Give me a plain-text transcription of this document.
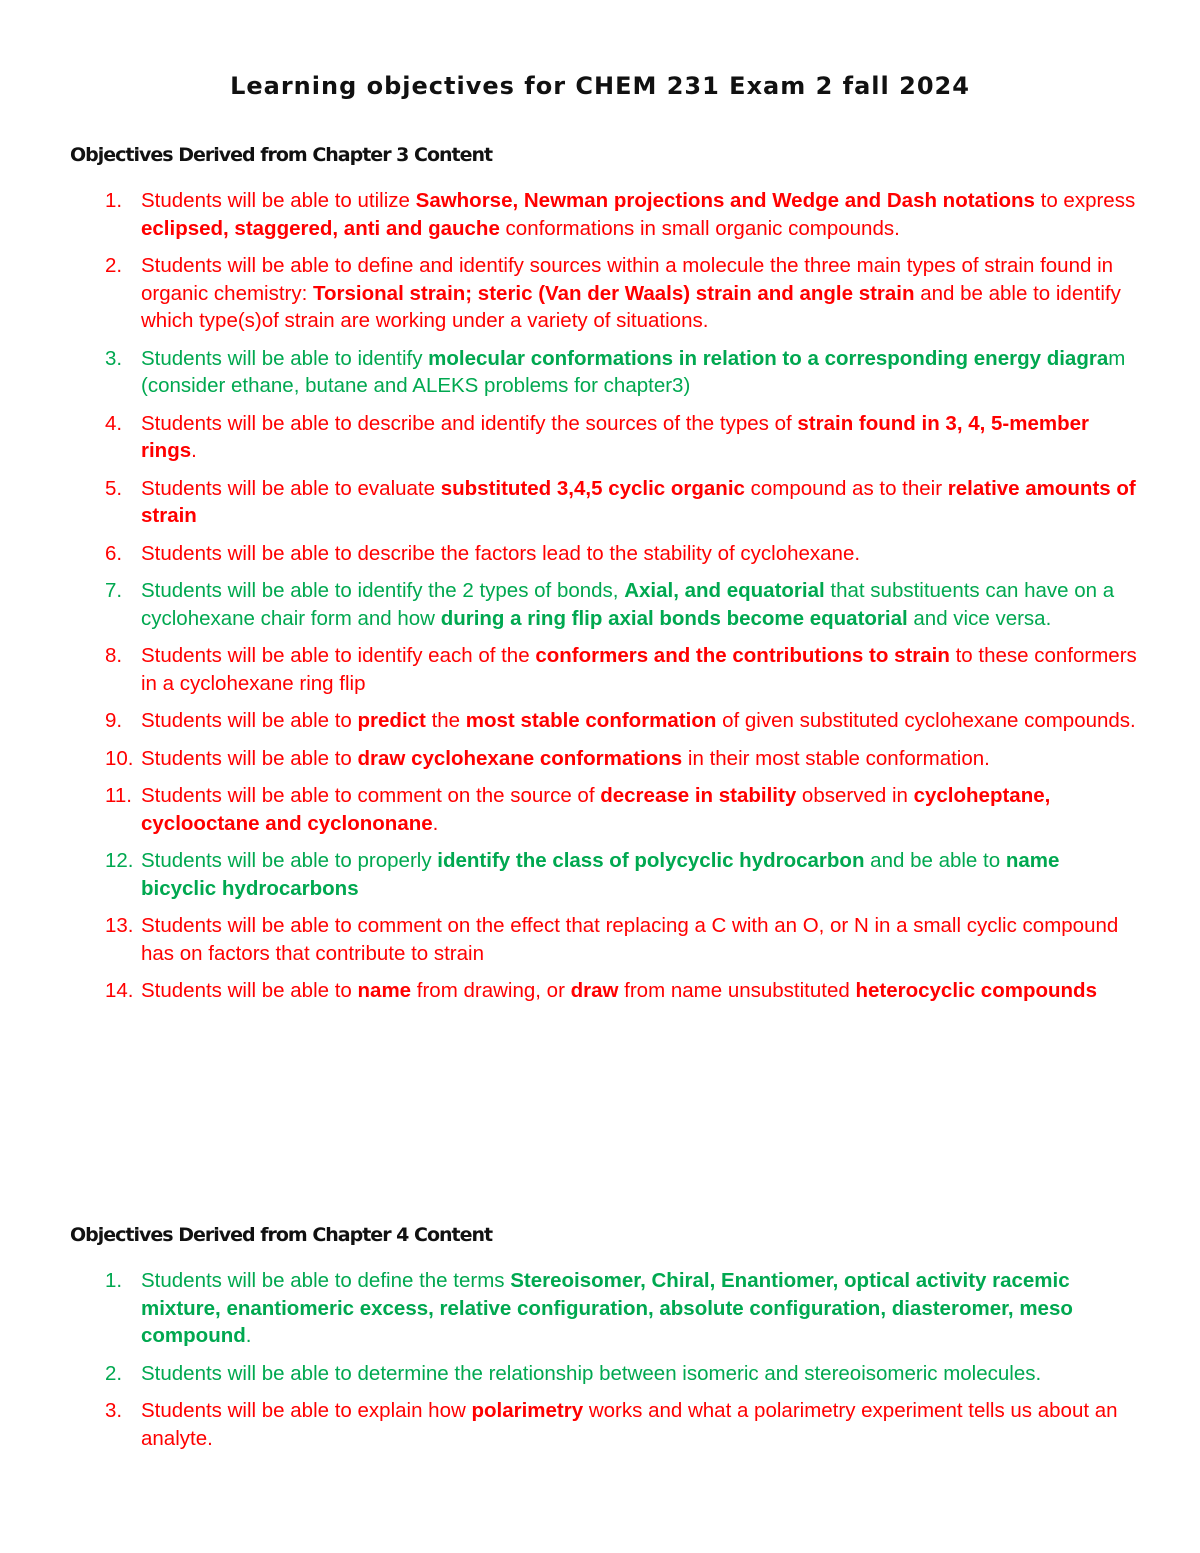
Learning objectives for CHEM 231 Exam 2 fall 2024
Objectives Derived from Chapter 3 Content
1. Students will be able to utilize Sawhorse, Newman projections and Wedge and Dash notations to express eclipsed, staggered, anti and gauche conformations in small organic compounds.
2. Students will be able to define and identify sources within a molecule the three main types of strain found in organic chemistry: Torsional strain; steric (Van der Waals) strain and angle strain and be able to identify which type(s)of strain are working under a variety of situations.
3. Students will be able to identify molecular conformations in relation to a corresponding energy diagram (consider ethane, butane and ALEKS problems for chapter3)
4. Students will be able to describe and identify the sources of the types of strain found in 3, 4, 5-member rings.
5. Students will be able to evaluate substituted 3,4,5 cyclic organic compound as to their relative amounts of strain
6. Students will be able to describe the factors lead to the stability of cyclohexane.
7. Students will be able to identify the 2 types of bonds, Axial, and equatorial that substituents can have on a cyclohexane chair form and how during a ring flip axial bonds become equatorial and vice versa.
8. Students will be able to identify each of the conformers and the contributions to strain to these conformers in a cyclohexane ring flip
9. Students will be able to predict the most stable conformation of given substituted cyclohexane compounds.
10. Students will be able to draw cyclohexane conformations in their most stable conformation.
11. Students will be able to comment on the source of decrease in stability observed in cycloheptane, cyclooctane and cyclononane.
12. Students will be able to properly identify the class of polycyclic hydrocarbon and be able to name bicyclic hydrocarbons
13. Students will be able to comment on the effect that replacing a C with an O, or N in a small cyclic compound has on factors that contribute to strain
14. Students will be able to name from drawing, or draw from name unsubstituted heterocyclic compounds
Objectives Derived from Chapter 4 Content
1. Students will be able to define the terms Stereoisomer, Chiral, Enantiomer, optical activity racemic mixture, enantiomeric excess, relative configuration, absolute configuration, diasteromer, meso compound.
2. Students will be able to determine the relationship between isomeric and stereoisomeric molecules.
3. Students will be able to explain how polarimetry works and what a polarimetry experiment tells us about an analyte.
